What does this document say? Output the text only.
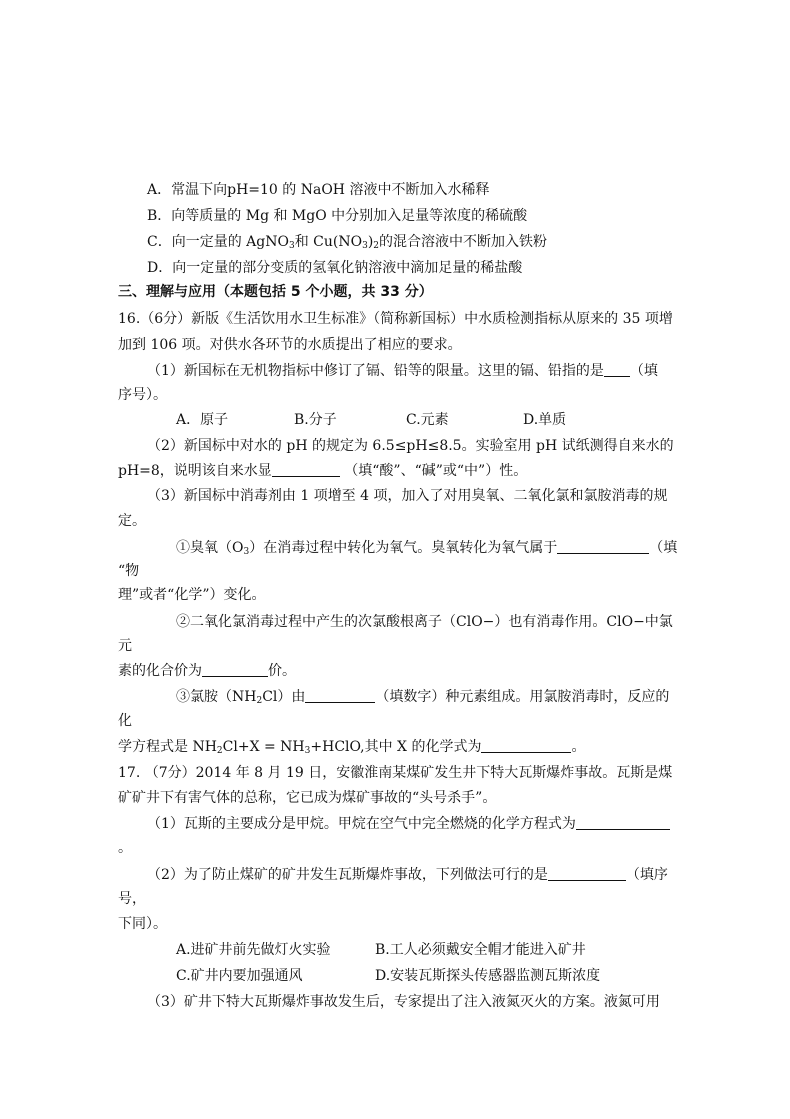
A．常温下向pH=10 的 NaOH 溶液中不断加入水稀释
B．向等质量的 Mg 和 MgO 中分别加入足量等浓度的稀硫酸
C．向一定量的 AgNO$_3$和 $Cu(NO_3)_2$的混合溶液中不断加入铁粉
D．向一定量的部分变质的氢氧化钠溶液中滴加足量的稀盐酸
三、理解与应用（本题包括 5 个小题，共 33 分）
16.（6分）新版《生活饮用水卫生标准》（简称新国标）中水质检测指标从原来的 35 项增
加到 106 项。对供水各环节的水质提出了相应的要求。
（1）新国标在无机物指标中修订了镉、铅等的限量。这里的镉、铅指的是 （填
序号）。
A．原子	B.分子	C.元素	D.单质
（2）新国标中对水的 pH 的规定为 6.5≤pH≤8.5。实验室用 pH 试纸测得自来水的
pH=8，说明该自来水显	（填“酸”、“碱”或“中”）性。
（3）新国标中消毒剂由 1 项增至 4 项，加入了对用臭氧、二氧化氯和氯胺消毒的规
定。
①臭氧$(O_3)$在消毒过程中转化为氧气。臭氧转化为氧气属于	（填
“物
理”或者“化学”）变化。
②二氧化氯消毒过程中产生的次氯酸根离子（ClO−）也有消毒作用。ClO−中氯
元
素的化合价为	价。
③氯胺$(NH_2Cl)$由	（填数字）种元素组成。用氯胺消毒时，反应的
化
学方程式是 $NH_2Cl+X$ = $NH_3+HClO$,其中 X 的化学式为	。
17. （7分）2014 年 8 月 19 日，安徽淮南某煤矿发生井下特大瓦斯爆炸事故。瓦斯是煤
矿矿井下有害气体的总称，它已成为煤矿事故的“头号杀手”。
（1）瓦斯的主要成分是甲烷。甲烷在空气中完全燃烧的化学方程式为
。
（2）为了防止煤矿的矿井发生瓦斯爆炸事故，下列做法可行的是	（填序
号，
下同）。
A.进矿井前先做灯火实验	B.工人必须戴安全帽才能进入矿井
C.矿井内要加强通风	D.安装瓦斯探头传感器监测瓦斯浓度
（3）矿井下特大瓦斯爆炸事故发生后，专家提出了注入液氮灭火的方案。液氮可用
